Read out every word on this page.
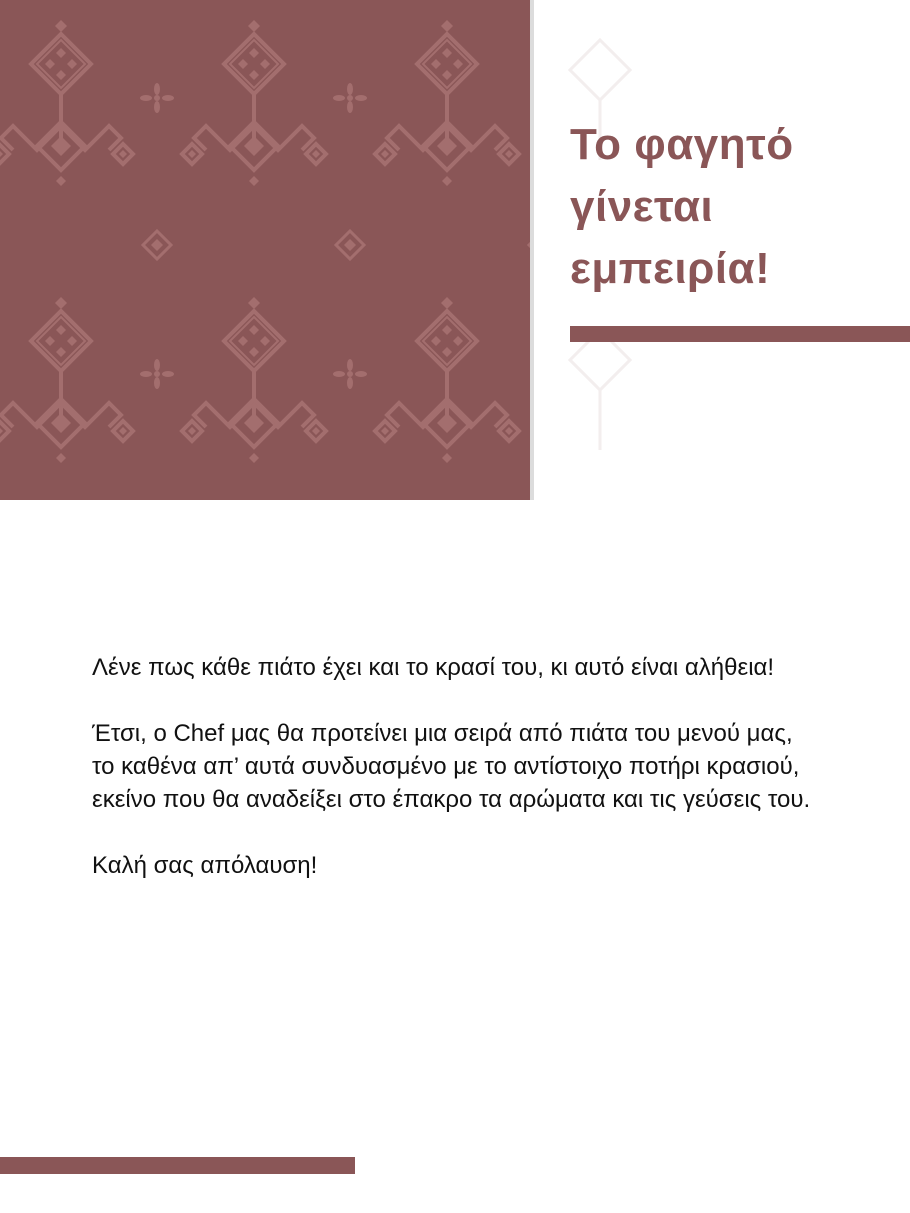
Το φαγητό
γίνεται
εμπειρία!

Λένε πως κάθε πιάτο έχει και το κρασί του, κι αυτό είναι αλήθεια!

Έτσι, ο Chef μας θα προτείνει μια σειρά από πιάτα του μενού μας, το καθένα απ’ αυτά συνδυασμένο με το αντίστοιχο ποτήρι κρασιού, εκείνο που θα αναδείξει στο έπακρο τα αρώματα και τις γεύσεις του.

Καλή σας απόλαυση!
